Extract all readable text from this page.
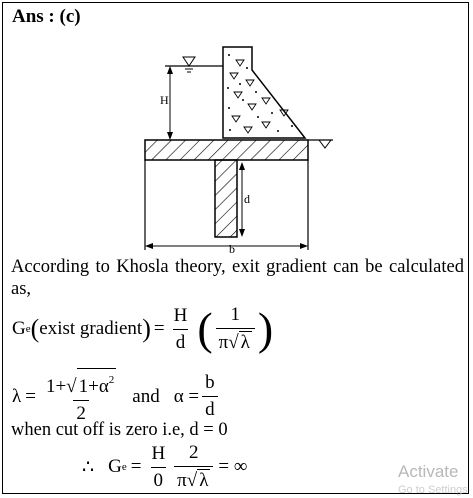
Ans : (c)
H
d
b
According to Khosla theory, exit gradient can be calculated as,
G e ( exist gradient ) = $\frac{H}{d}$ ( $\frac{1}{\pi√ \lambda}$ )
$\lambda = \frac{1+√ 1+\alpha^2}{2}$ and $\alpha = \frac{b}{d}$
when cut off is zero i.e, d = 0
∴ G $e = \frac{H}{0} \frac{2}{\pi√ \lambda}$ = ∞	Activate
Go to Settings
